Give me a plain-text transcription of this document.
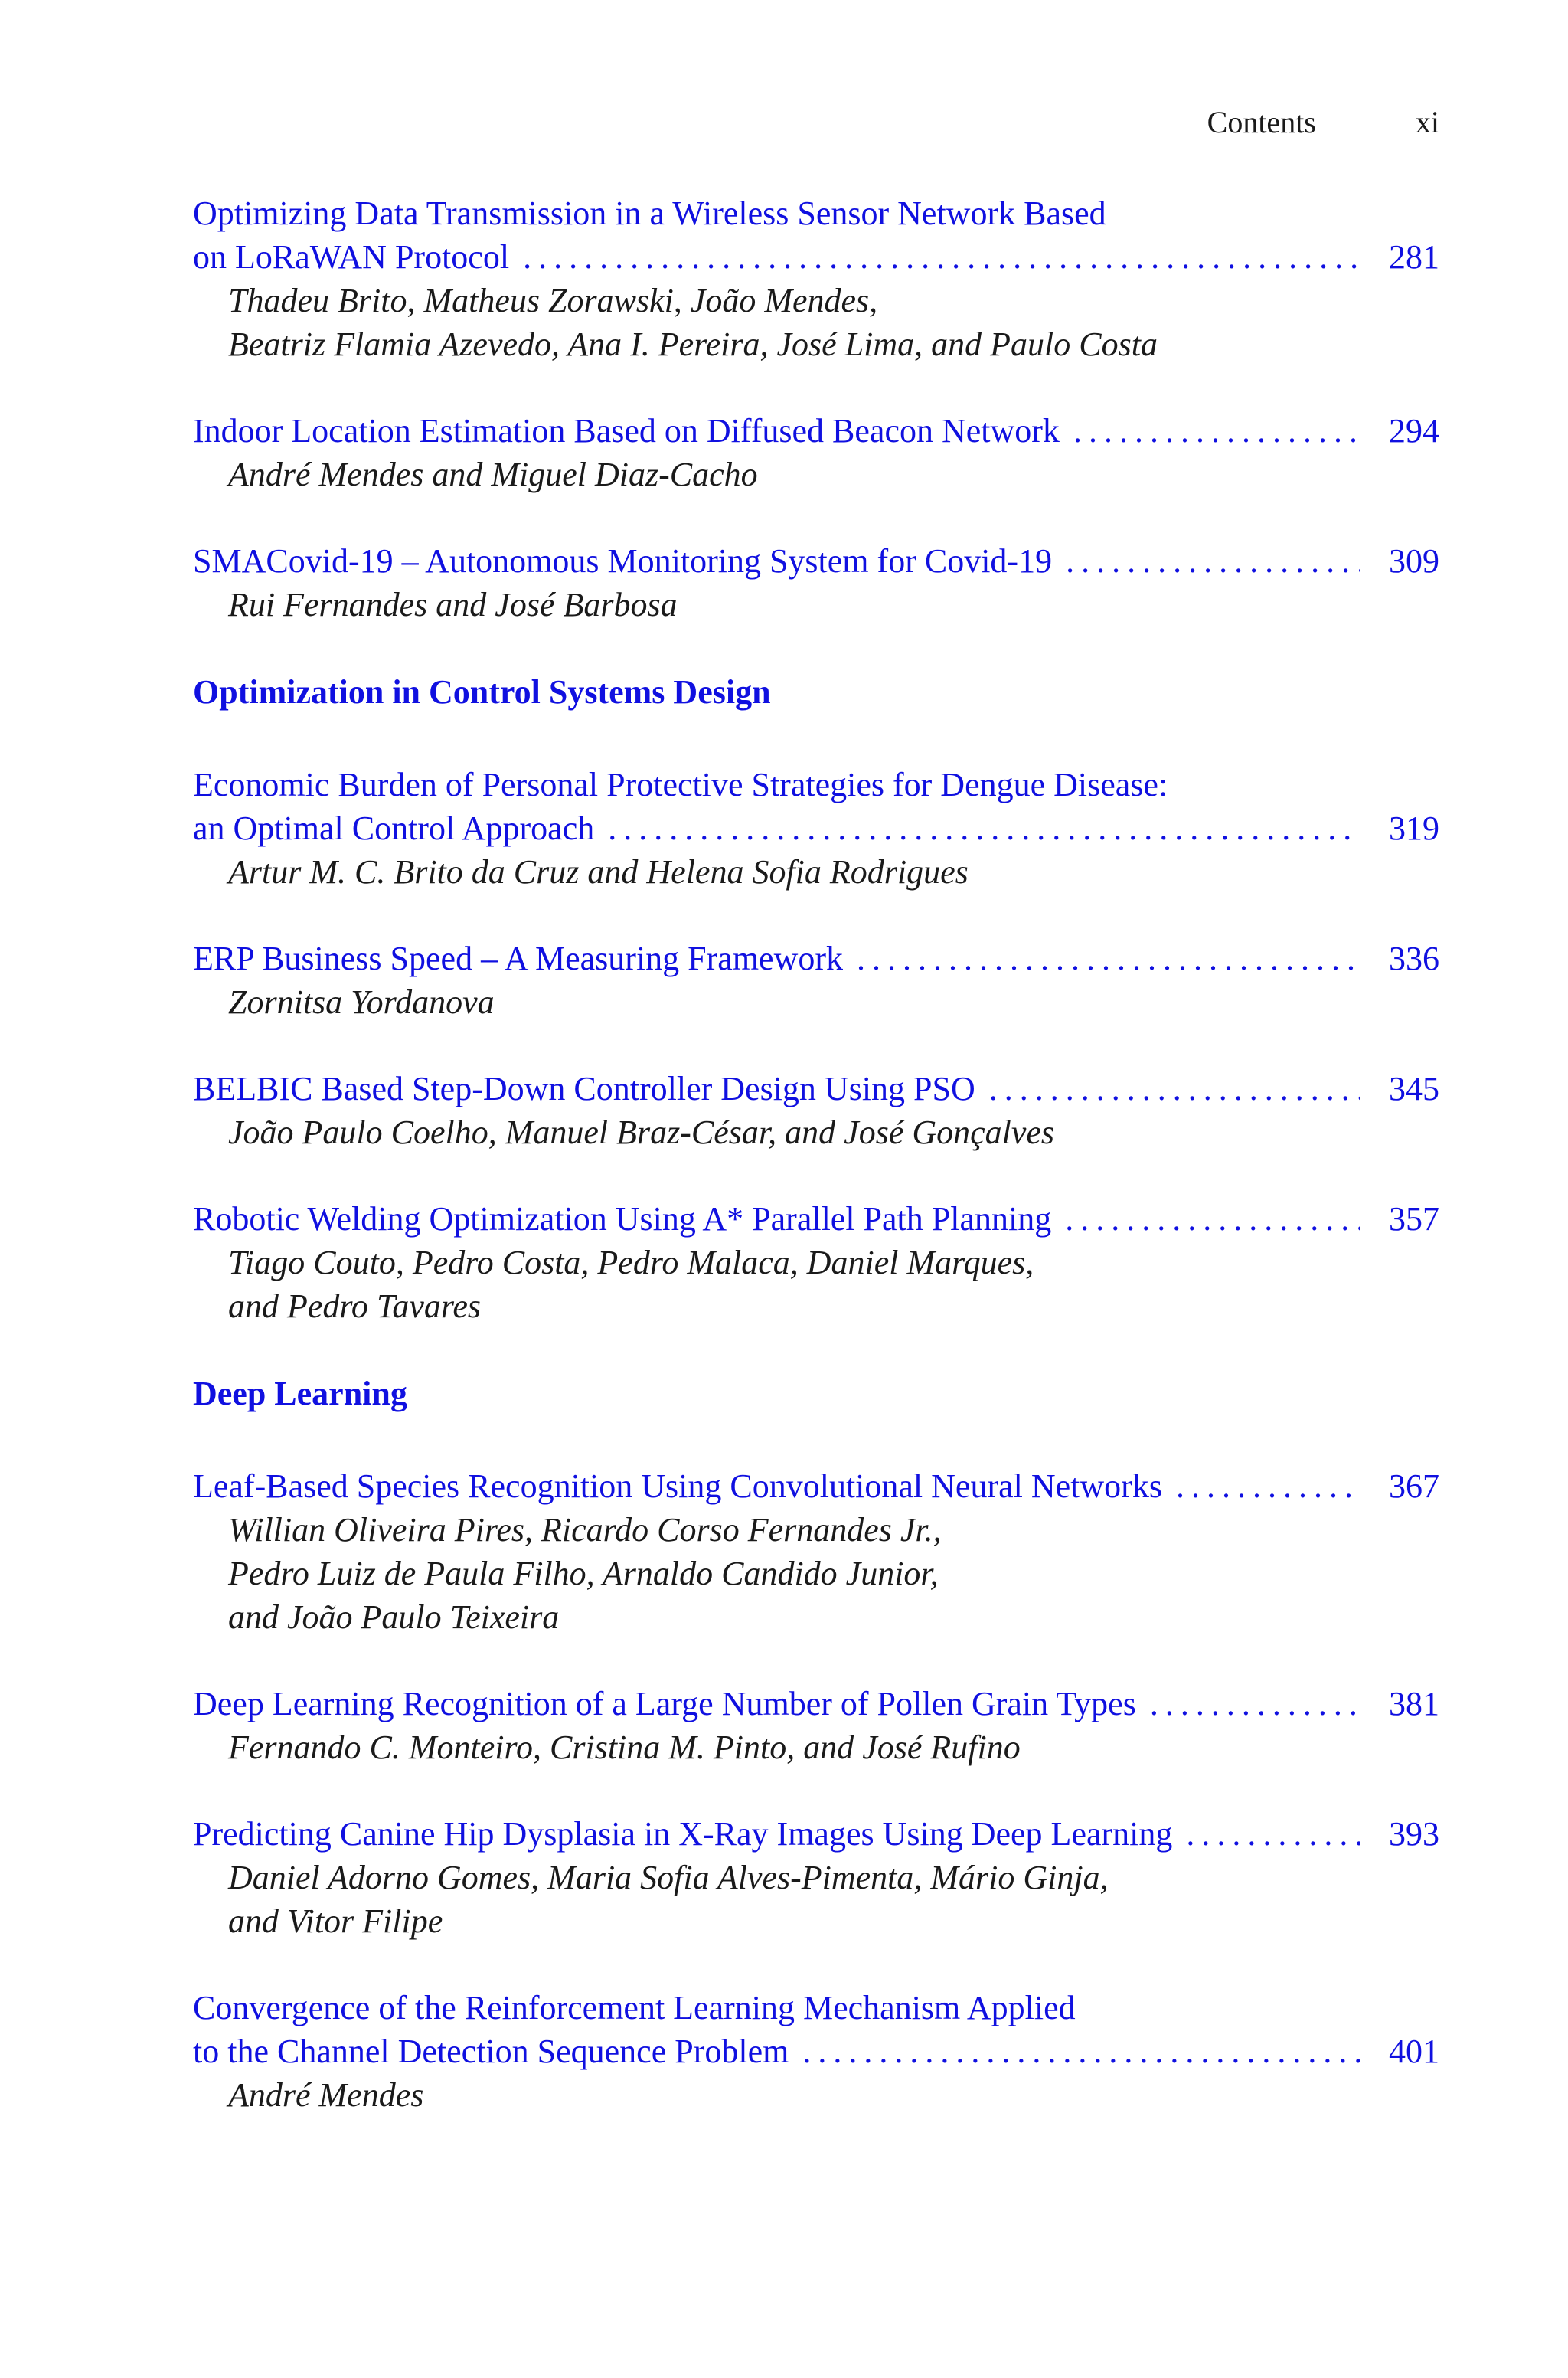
Contents	xi
Optimizing Data Transmission in a Wireless Sensor Network Based
on LoRaWAN Protocol .....	281
Thadeu Brito, Matheus Zorawski, João Mendes,
Beatriz Flamia Azevedo, Ana I. Pereira, José Lima, and Paulo Costa
Indoor Location Estimation Based on Diffused Beacon Network .....	294
André Mendes and Miguel Diaz-Cacho
SMACovid-19 – Autonomous Monitoring System for Covid-19 .....	309
Rui Fernandes and José Barbosa
Optimization in Control Systems Design
Economic Burden of Personal Protective Strategies for Dengue Disease:
an Optimal Control Approach .....	319
Artur M. C. Brito da Cruz and Helena Sofia Rodrigues
ERP Business Speed – A Measuring Framework .....	336
Zornitsa Yordanova
BELBIC Based Step-Down Controller Design Using PSO .....	345
João Paulo Coelho, Manuel Braz-César, and José Gonçalves
Robotic Welding Optimization Using A* Parallel Path Planning .....	357
Tiago Couto, Pedro Costa, Pedro Malaca, Daniel Marques,
and Pedro Tavares
Deep Learning
Leaf-Based Species Recognition Using Convolutional Neural Networks .....	367
Willian Oliveira Pires, Ricardo Corso Fernandes Jr.,
Pedro Luiz de Paula Filho, Arnaldo Candido Junior,
and João Paulo Teixeira
Deep Learning Recognition of a Large Number of Pollen Grain Types .....	381
Fernando C. Monteiro, Cristina M. Pinto, and José Rufino
Predicting Canine Hip Dysplasia in X-Ray Images Using Deep Learning .....	393
Daniel Adorno Gomes, Maria Sofia Alves-Pimenta, Mário Ginja,
and Vitor Filipe
Convergence of the Reinforcement Learning Mechanism Applied
to the Channel Detection Sequence Problem .....	401
André Mendes
